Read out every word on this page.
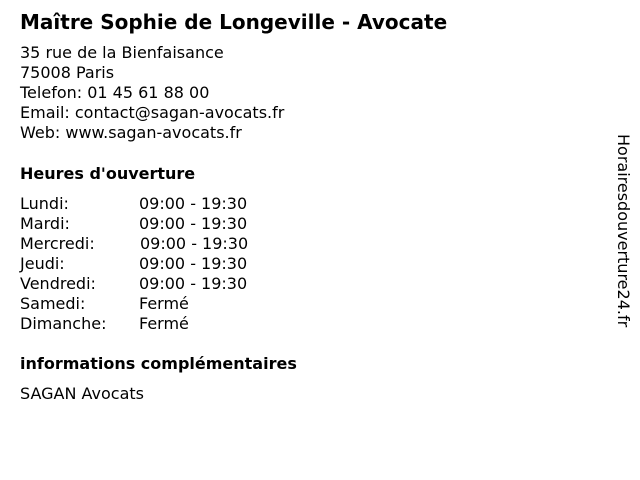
Maître Sophie de Longeville - Avocate
35 rue de la Bienfaisance
75008 Paris
Telefon: 01 45 61 88 00
Email: contact@sagan-avocats.fr
Web: www.sagan-avocats.fr
Heures d'ouverture
Lundi:	09:00 - 19:30
Mardi:	09:00 - 19:30
Mercredi:	09:00 - 19:30
Jeudi:	09:00 - 19:30
Vendredi:	09:00 - 19:30
Samedi:	Fermé
Dimanche: Fermé
informations complémentaires
SAGAN Avocats
Horairesdouverture24.fr
